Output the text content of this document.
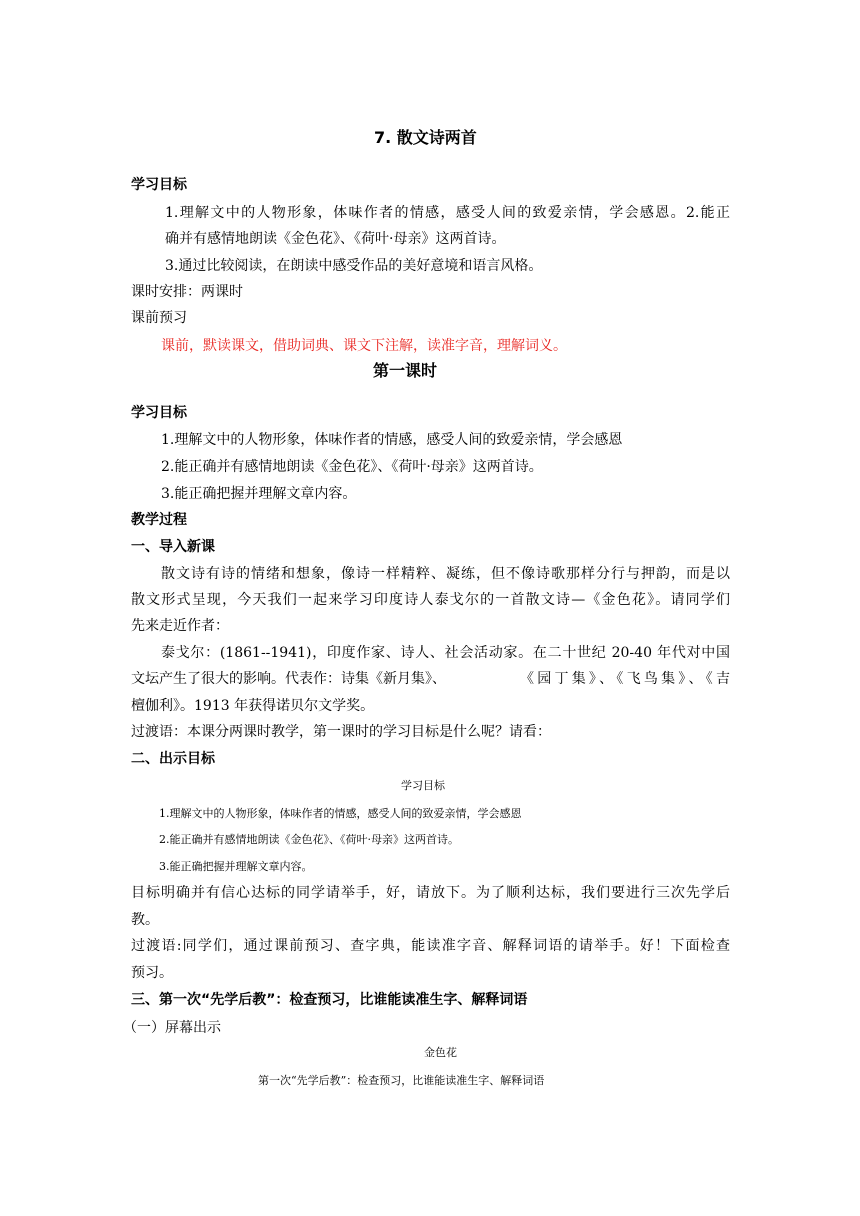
7. 散文诗两首
学习目标
1.理解文中的人物形象，体味作者的情感，感受人间的致爱亲情，学会感恩。2.能正
确并有感情地朗读《金色花》、《荷叶·母亲》这两首诗。
3.通过比较阅读，在朗读中感受作品的美好意境和语言风格。
课时安排：两课时
课前预习
课前，默读课文，借助词典、课文下注解，读准字音，理解词义。
第一课时
学习目标
1.理解文中的人物形象，体味作者的情感，感受人间的致爱亲情，学会感恩
2.能正确并有感情地朗读《金色花》、《荷叶·母亲》这两首诗。
3.能正确把握并理解文章内容。
教学过程
一、导入新课
散文诗有诗的情绪和想象，像诗一样精粹、凝练，但不像诗歌那样分行与押韵，而是以
散文形式呈现，今天我们一起来学习印度诗人泰戈尔的一首散文诗—《金色花》。请同学们
先来走近作者：
泰戈尔：(1861--1941)，印度作家、诗人、社会活动家。在二十世纪 20-40 年代对中国
文坛产生了很大的影响。代表作：诗集《新月集》、	《园丁集》、《飞鸟集》、《吉
檀伽利》。1913 年获得诺贝尔文学奖。
过渡语：本课分两课时教学，第一课时的学习目标是什么呢？请看：
二、出示目标
学习目标
1.理解文中的人物形象，体味作者的情感，感受人间的致爱亲情，学会感恩
2.能正确并有感情地朗读《金色花》、《荷叶·母亲》这两首诗。
3.能正确把握并理解文章内容。
目标明确并有信心达标的同学请举手，好，请放下。为了顺利达标，我们要进行三次先学后
教。
过渡语:同学们，通过课前预习、查字典，能读准字音、解释词语的请举手。好！下面检查
预习。
三、第一次“先学后教”：检查预习，比谁能读准生字、解释词语
（一）屏幕出示
金色花
第一次“先学后教”：检查预习，比谁能读准生字、解释词语
